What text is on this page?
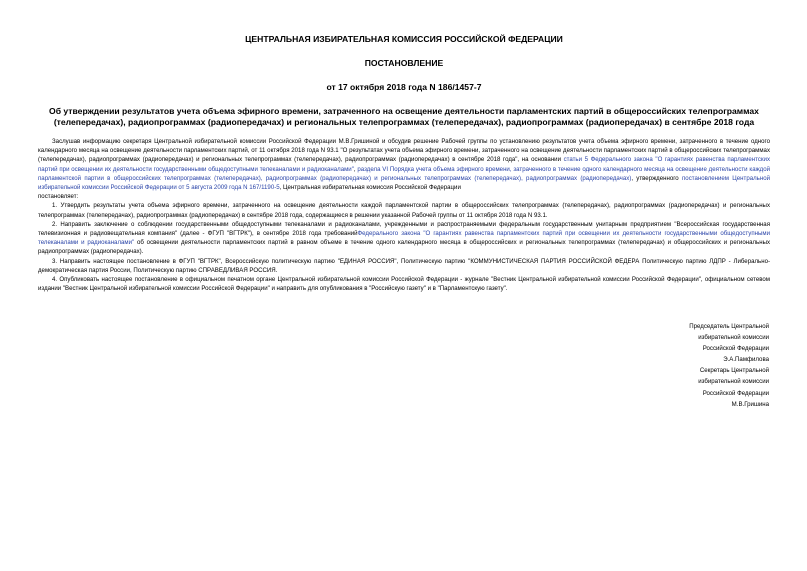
ЦЕНТРАЛЬНАЯ ИЗБИРАТЕЛЬНАЯ КОМИССИЯ РОССИЙСКОЙ ФЕДЕРАЦИИ
ПОСТАНОВЛЕНИЕ
от 17 октября 2018 года N 186/1457-7
Об утверждении результатов учета объема эфирного времени, затраченного на освещение деятельности парламентских партий в общероссийских телепрограммах (телепередачах), радиопрограммах (радиопередачах) и региональных телепрограммах (телепередачах), радиопрограммах (радиопередачах) в сентябре 2018 года

Заслушав информацию секретаря Центральной избирательной комиссии Российской Федерации М.В.Гришиной и обсудив решение Рабочей группы по установлению результатов учета объема эфирного времени, затраченного в течение одного календарного месяца на освещение деятельности парламентских партий, от 11 октября 2018 года N 93.1 "О результатах учета объема эфирного времени, затраченного на освещение деятельности парламентских партий в общероссийских телепрограммах (телепередачах), радиопрограммах (радиопередачах) и региональных телепрограммах (телепередачах), радиопрограммах (радиопередачах) в сентябре 2018 года", на основании статьи 5 Федерального закона "О гарантиях равенства парламентских партий при освещении их деятельности государственными общедоступными телеканалами и радиоканалами", раздела VI Порядка учета объема эфирного времени, затраченного в течение одного календарного месяца на освещение деятельности каждой парламентской партии в общероссийских телепрограммах (телепередачах), радиопрограммах (радиопередачах) и региональных телепрограммах (телепередачах), радиопрограммах (радиопередачах), утвержденного постановлением Центральной избирательной комиссии Российской Федерации от 5 августа 2009 года N 167/1190-5, Центральная избирательная комиссия Российской Федерации

постановляет:

1. Утвердить результаты учета объема эфирного времени, затраченного на освещение деятельности каждой парламентской партии в общероссийских телепрограммах (телепередачах), радиопрограммах (радиопередачах) и региональных телепрограммах (телепередачах), радиопрограммах (радиопередачах) в сентябре 2018 года, содержащиеся в решении указанной Рабочей группы от 11 октября 2018 года N 93.1.

2. Направить заключение о соблюдении государственными общедоступными телеканалами и радиоканалами, учрежденными и распространяемыми федеральным государственным унитарным предприятием "Всероссийская государственная телевизионная и радиовещательная компания" (далее - ФГУП "ВГТРК"), в сентябре 2018 года требованийФедерального закона "О гарантиях равенства парламентских партий при освещении их деятельности государственными общедоступными телеканалами и радиоканалами" об освещении деятельности парламентских партий в равном объеме в течение одного календарного месяца в общероссийских и региональных телепрограммах (телепередачах) и общероссийских и региональных радиопрограммах (радиопередачах).

3. Направить настоящее постановление в ФГУП "ВГТРК", Всероссийскую политическую партию "ЕДИНАЯ РОССИЯ", Политическую партию "КОММУНИСТИЧЕСКАЯ ПАРТИЯ РОССИЙСКОЙ ФЕДЕРА Политическую партию ЛДПР - Либерально-демократическая партия России, Политическую партию СПРАВЕДЛИВАЯ РОССИЯ.

4. Опубликовать настоящее постановление в официальном печатном органе Центральной избирательной комиссии Российской Федерации - журнале "Вестник Центральной избирательной комиссии Российской Федерации", официальном сетевом издании "Вестник Центральной избирательной комиссии Российской Федерации" и направить для опубликования в "Российскую газету" и в "Парламентскую газету".

Председатель Центральной
избирательной комиссии
Российской Федерации
Э.А.Памфилова
Секретарь Центральной
избирательной комиссии
Российской Федерации
М.В.Гришина
